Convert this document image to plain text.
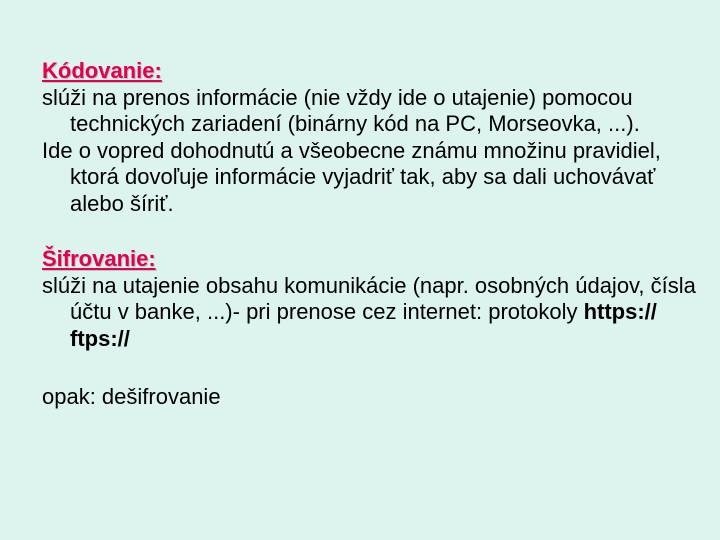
Kódovanie:

slúži na prenos informácie (nie vždy ide o utajenie) pomocou technických zariadení (binárny kód na PC, Morseovka, ...).

Ide o vopred dohodnutú a všeobecne známu množinu pravidiel, ktorá dovoľuje informácie vyjadriť tak, aby sa dali uchovávať alebo šíriť.

Šifrovanie:

slúži na utajenie obsahu komunikácie (napr. osobných údajov, čísla účtu v banke, ...)- pri prenose cez internet: protokoly https://ftps://

opak: dešifrovanie
